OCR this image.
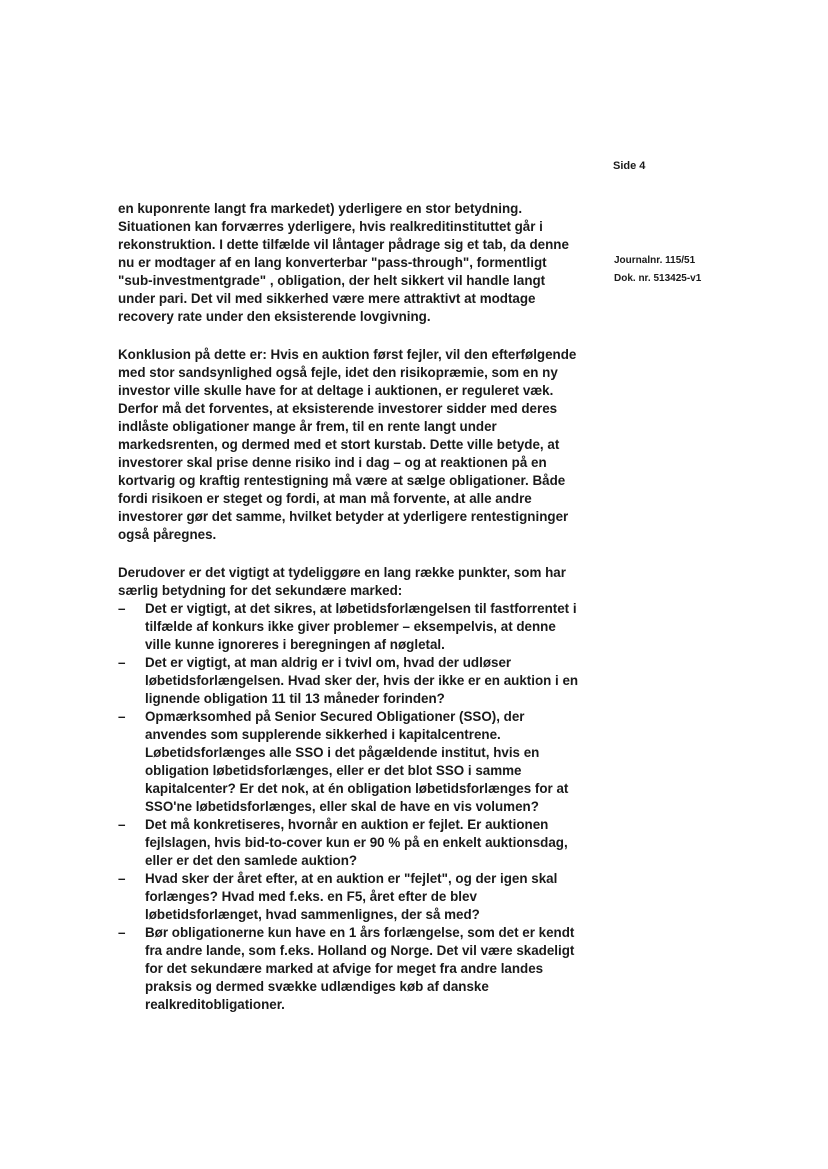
Side 4
Journalnr. 115/51
Dok. nr. 513425-v1

en kuponrente langt fra markedet) yderligere en stor betydning. Situationen kan forværres yderligere, hvis realkreditinstituttet går i rekonstruktion. I dette tilfælde vil låntager pådrage sig et tab, da denne nu er modtager af en lang konverterbar "pass-through", formentligt "sub-investmentgrade" , obligation, der helt sikkert vil handle langt under pari. Det vil med sikkerhed være mere attraktivt at modtage recovery rate under den eksisterende lovgivning.

Konklusion på dette er: Hvis en auktion først fejler, vil den efterfølgende med stor sandsynlighed også fejle, idet den risikopræmie, som en ny investor ville skulle have for at deltage i auktionen, er reguleret væk. Derfor må det forventes, at eksisterende investorer sidder med deres indlåste obligationer mange år frem, til en rente langt under markedsrenten, og dermed med et stort kurstab. Dette ville betyde, at investorer skal prise denne risiko ind i dag – og at reaktionen på en kortvarig og kraftig rentestigning må være at sælge obligationer. Både fordi risikoen er steget og fordi, at man må forvente, at alle andre investorer gør det samme, hvilket betyder at yderligere rentestigninger også påregnes.

Derudover er det vigtigt at tydeliggøre en lang række punkter, som har særlig betydning for det sekundære marked:

– Det er vigtigt, at det sikres, at løbetidsforlængelsen til fastforrentet i tilfælde af konkurs ikke giver problemer – eksempelvis, at denne ville kunne ignoreres i beregningen af nøgletal.
– Det er vigtigt, at man aldrig er i tvivl om, hvad der udløser løbetidsforlængelsen. Hvad sker der, hvis der ikke er en auktion i en lignende obligation 11 til 13 måneder forinden?
– Opmærksomhed på Senior Secured Obligationer (SSO), der anvendes som supplerende sikkerhed i kapitalcentrene. Løbetidsforlænges alle SSO i det pågældende institut, hvis en obligation løbetidsforlænges, eller er det blot SSO i samme kapitalcenter? Er det nok, at én obligation løbetidsforlænges for at SSO'ne løbetidsforlænges, eller skal de have en vis volumen?
– Det må konkretiseres, hvornår en auktion er fejlet. Er auktionen fejlslagen, hvis bid-to-cover kun er 90 % på en enkelt auktionsdag, eller er det den samlede auktion?
– Hvad sker der året efter, at en auktion er "fejlet", og der igen skal forlænges? Hvad med f.eks. en F5, året efter de blev løbetidsforlænget, hvad sammenlignes, der så med?
– Bør obligationerne kun have en 1 års forlængelse, som det er kendt fra andre lande, som f.eks. Holland og Norge. Det vil være skadeligt for det sekundære marked at afvige for meget fra andre landes praksis og dermed svække udlændiges køb af danske realkreditobligationer.
